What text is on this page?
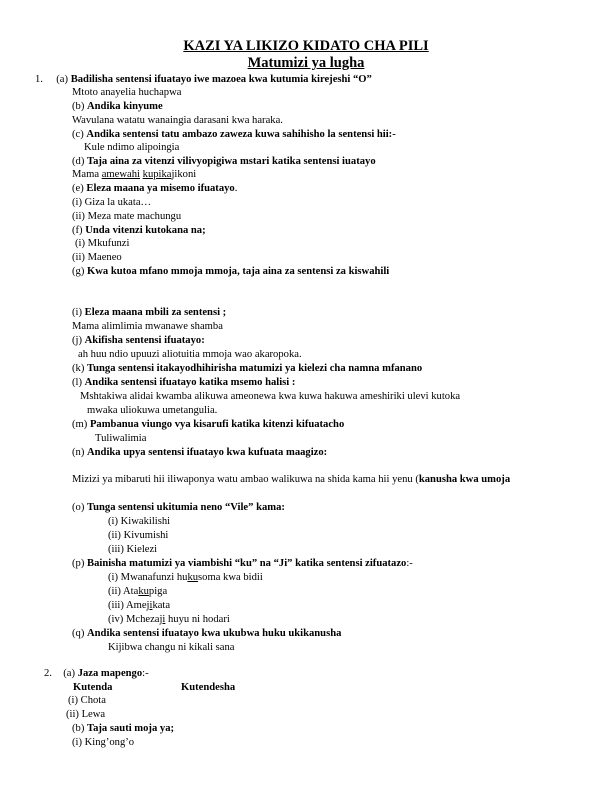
KAZI YA LIKIZO KIDATO CHA PILI
Matumizi ya lugha
1. (a) Badilisha sentensi ifuatayo iwe mazoea kwa kutumia kirejeshi “O”
Mtoto anayelia huchapwa
(b) Andika kinyume
Wavulana watatu wanaingia darasani kwa haraka.
(c) Andika sentensi tatu ambazo zaweza kuwa sahihisho la sentensi hii:-
Kule ndimo alipoingia
(d) Taja aina za vitenzi vilivyopigiwa mstari katika sentensi iuatayo
Mama amewahi kupikajikoni
(e) Eleza maana ya misemo ifuatayo.
(i) Giza la ukata…
(ii) Meza mate machungu
(f) Unda vitenzi kutokana na;
(i) Mkufunzi
(ii) Maeneo
(g) Kwa kutoa mfano mmoja mmoja, taja aina za sentensi za kiswahili
(i) Eleza maana mbili za sentensi ;
Mama alimlimia mwanawe shamba
(j) Akifisha sentensi ifuatayo:
ah huu ndio upuuzi aliotuitia mmoja wao akaropoka.
(k) Tunga sentensi itakayodhihirisha matumizi ya kielezi cha namna mfanano
(l) Andika sentensi ifuatayo katika msemo halisi :
Mshtakiwa alidai kwamba alikuwa ameonewa kwa kuwa hakuwa ameshiriki ulevi kutoka
mwaka uliokuwa umetangulia.
(m) Pambanua viungo vya kisarufi katika kitenzi kifuatacho
Tuliwalimia
(n) Andika upya sentensi ifuatayo kwa kufuata maagizo:
Mizizi ya mibaruti hii iliwaponya watu ambao walikuwa na shida kama hii yenu (kanusha kwa umoja
(o) Tunga sentensi ukitumia neno “Vile” kama:
(i) Kiwakilishi
(ii) Kivumishi
(iii) Kielezi
(p) Bainisha matumizi ya viambishi “ku” na “Ji” katika sentensi zifuatazo:-
(i) Mwanafunzi hukusoma kwa bidii
(ii) Atakupiga
(iii) Amejikata
(iv) Mchezaji huyu ni hodari
(q) Andika sentensi ifuatayo kwa ukubwa huku ukikanusha
Kijibwa changu ni kikali sana
2. (a) Jaza mapengo:-
Kutenda	Kutendesha
(i) Chota
(ii) Lewa
(b) Taja sauti moja ya;
(i) King’ong’o
